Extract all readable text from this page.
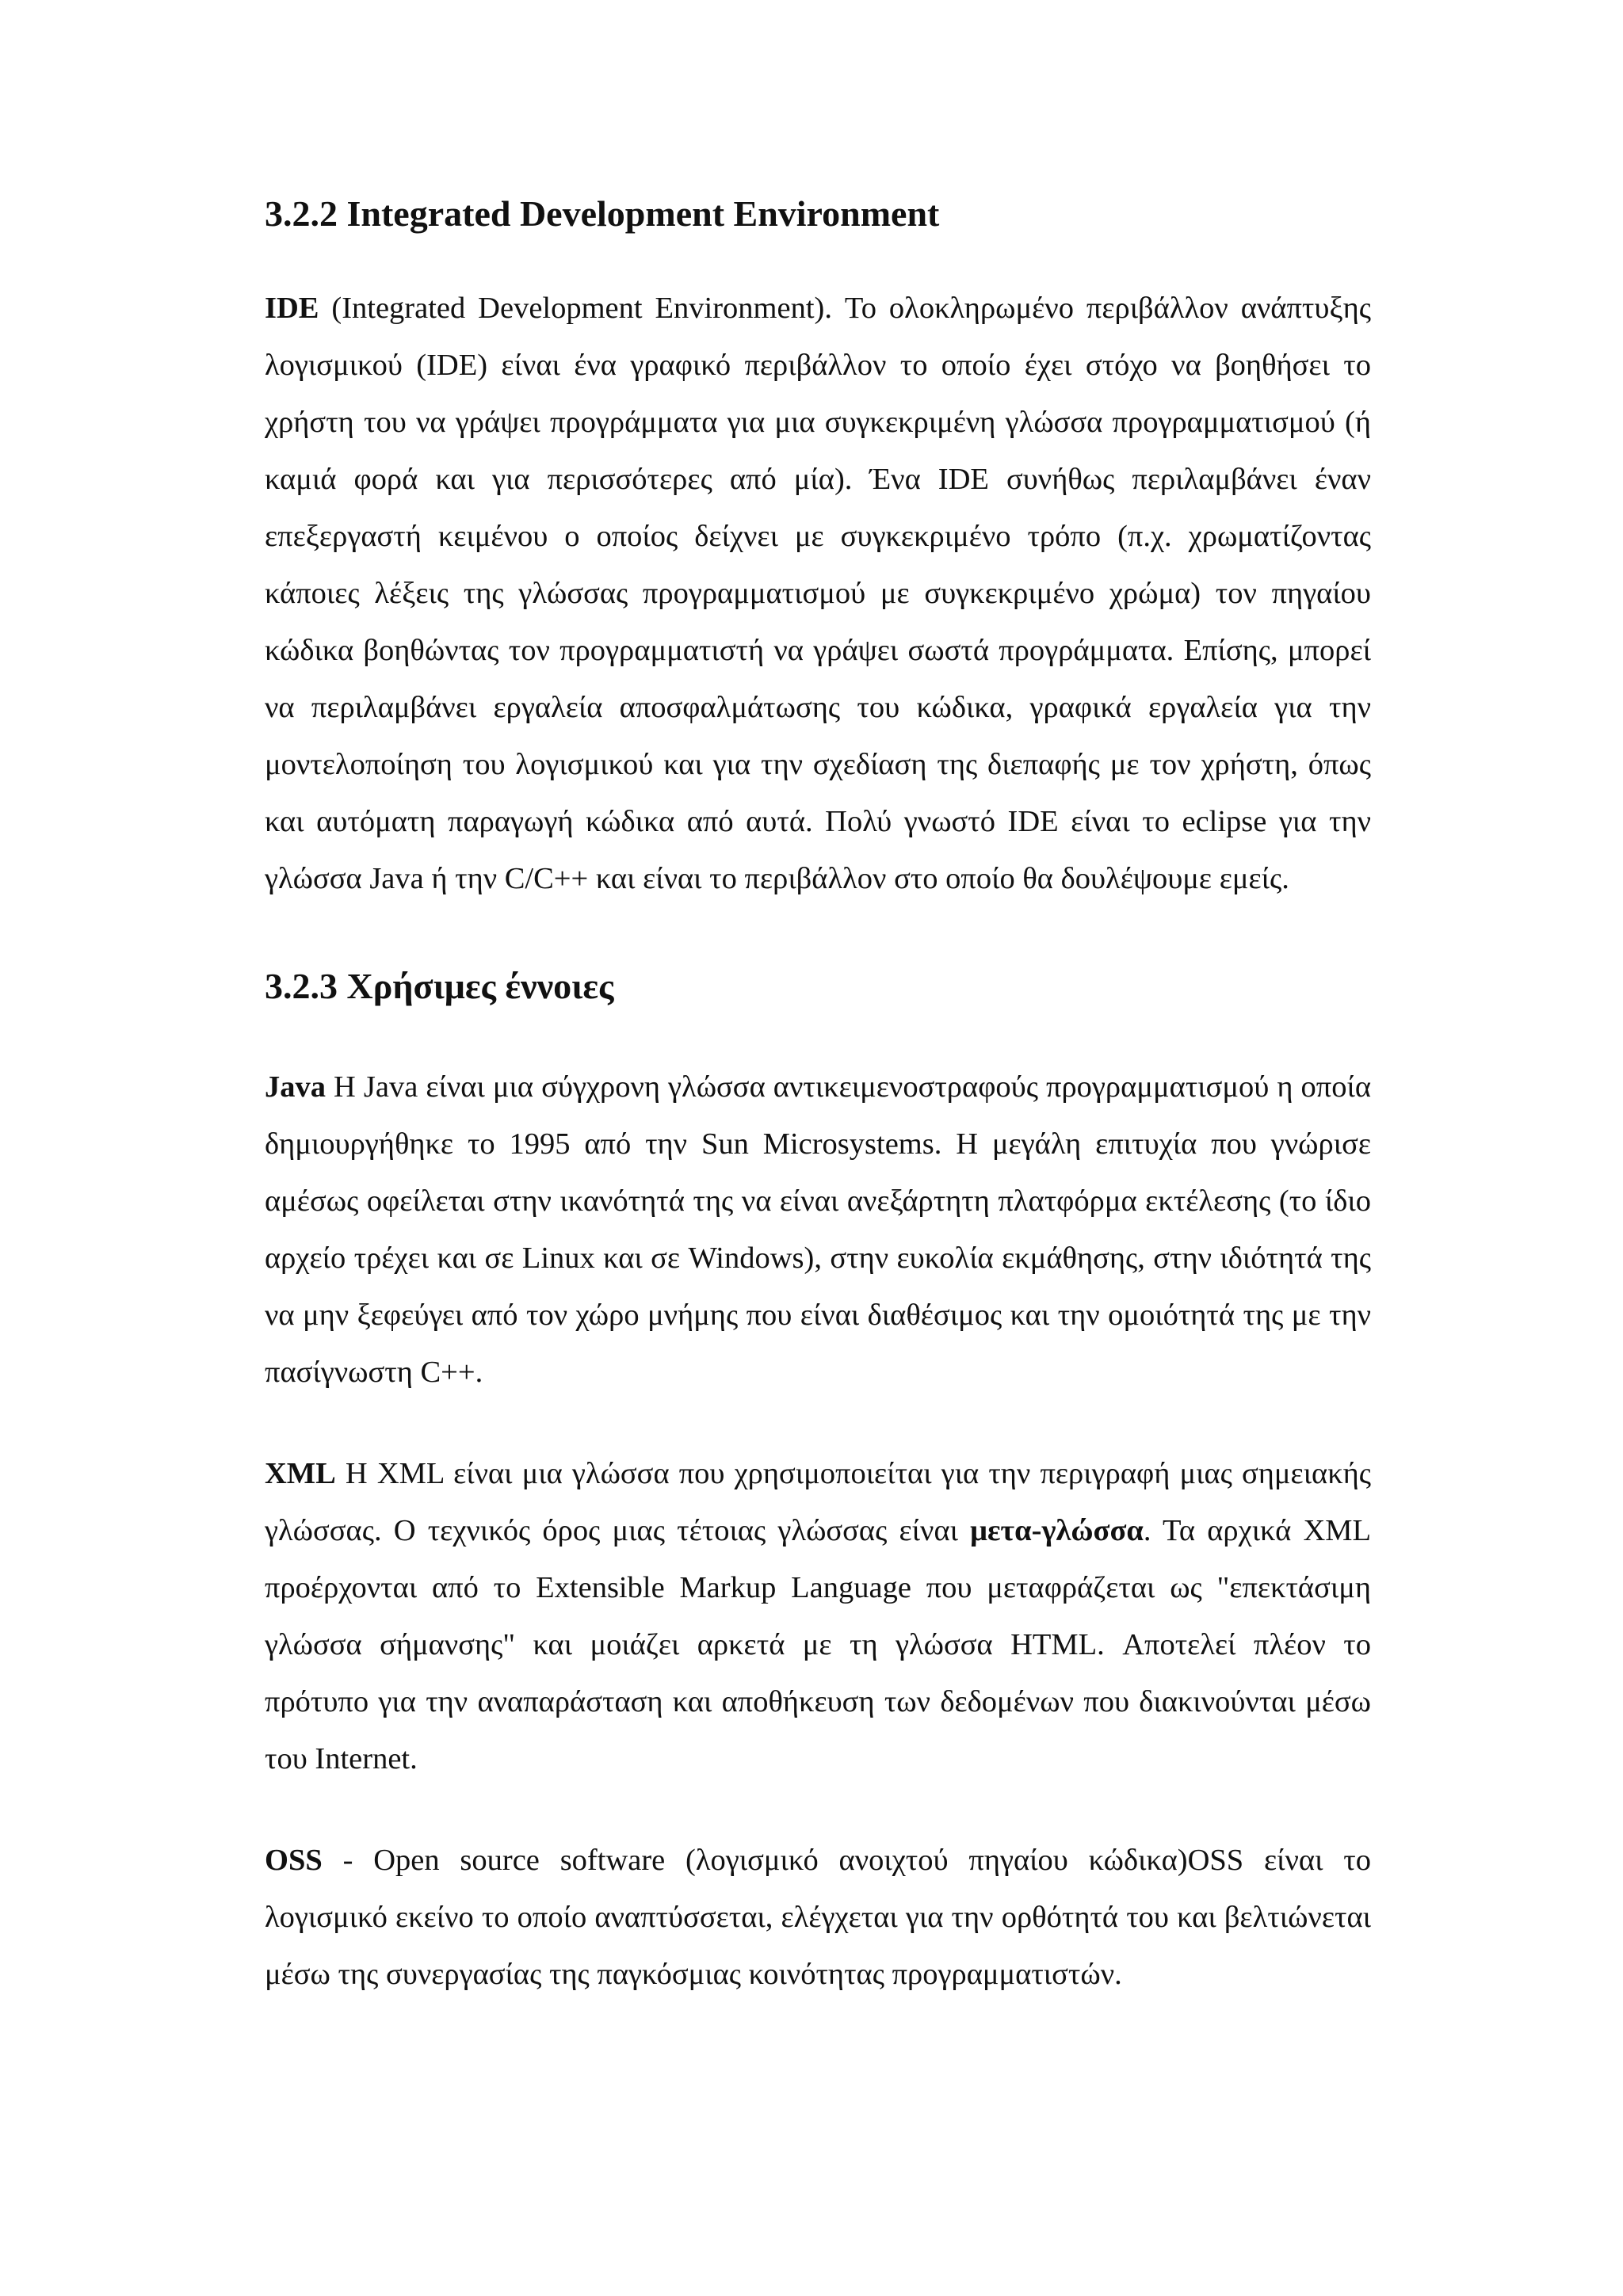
3.2.2 Integrated Development Environment

IDE (Integrated Development Environment). Το ολοκληρωμένο περιβάλλον ανάπτυξης λογισμικού (IDE) είναι ένα γραφικό περιβάλλον το οποίο έχει στόχο να βοηθήσει το χρήστη του να γράψει προγράμματα για μια συγκεκριμένη γλώσσα προγραμματισμού (ή καμιά φορά και για περισσότερες από μία). Ένα IDE συνήθως περιλαμβάνει έναν επεξεργαστή κειμένου ο οποίος δείχνει με συγκεκριμένο τρόπο (π.χ. χρωματίζοντας κάποιες λέξεις της γλώσσας προγραμματισμού με συγκεκριμένο χρώμα) τον πηγαίου κώδικα βοηθώντας τον προγραμματιστή να γράψει σωστά προγράμματα. Επίσης, μπορεί να περιλαμβάνει εργαλεία αποσφαλμάτωσης του κώδικα, γραφικά εργαλεία για την μοντελοποίηση του λογισμικού και για την σχεδίαση της διεπαφής με τον χρήστη, όπως και αυτόματη παραγωγή κώδικα από αυτά. Πολύ γνωστό IDE είναι το eclipse για την γλώσσα Java ή την C/C++ και είναι το περιβάλλον στο οποίο θα δουλέψουμε εμείς.

3.2.3 Χρήσιμες έννοιες

Java Η Java είναι μια σύγχρονη γλώσσα αντικειμενοστραφούς προγραμματισμού η οποία δημιουργήθηκε το 1995 από την Sun Microsystems. Η μεγάλη επιτυχία που γνώρισε αμέσως οφείλεται στην ικανότητά της να είναι ανεξάρτητη πλατφόρμα εκτέλεσης (το ίδιο αρχείο τρέχει και σε Linux και σε Windows), στην ευκολία εκμάθησης, στην ιδιότητά της να μην ξεφεύγει από τον χώρο μνήμης που είναι διαθέσιμος και την ομοιότητά της με την πασίγνωστη C++.

XML Η XML είναι μια γλώσσα που χρησιμοποιείται για την περιγραφή μιας σημειακής γλώσσας. Ο τεχνικός όρος μιας τέτοιας γλώσσας είναι μετα-γλώσσα. Τα αρχικά XML προέρχονται από το Extensible Markup Language που μεταφράζεται ως "επεκτάσιμη γλώσσα σήμανσης" και μοιάζει αρκετά με τη γλώσσα HTML. Αποτελεί πλέον το πρότυπο για την αναπαράσταση και αποθήκευση των δεδομένων που διακινούνται μέσω του Internet.

OSS - Open source software (λογισμικό ανοιχτού πηγαίου κώδικα)OSS είναι το λογισμικό εκείνο το οποίο αναπτύσσεται, ελέγχεται για την ορθότητά του και βελτιώνεται μέσω της συνεργασίας της παγκόσμιας κοινότητας προγραμματιστών.
